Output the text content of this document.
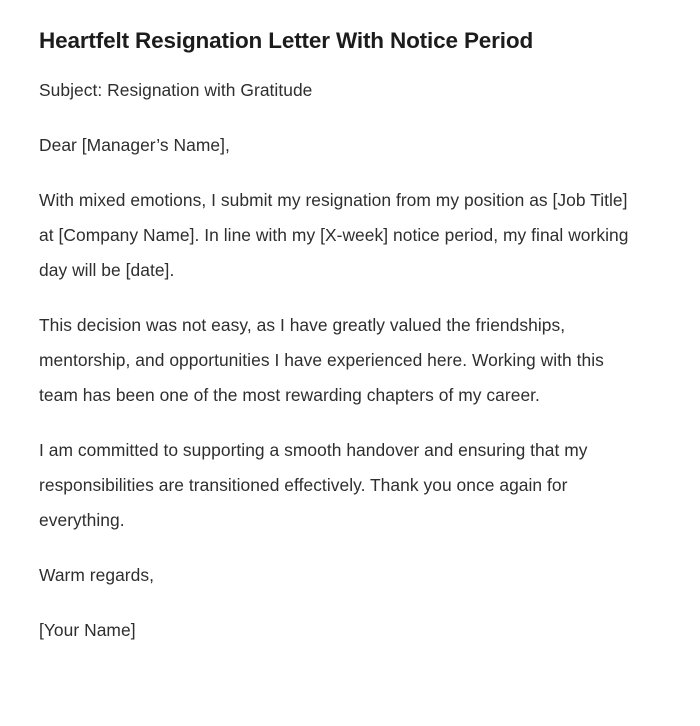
Heartfelt Resignation Letter With Notice Period

Subject: Resignation with Gratitude

Dear [Manager’s Name],

With mixed emotions, I submit my resignation from my position as [Job Title] at [Company Name]. In line with my [X-week] notice period, my final working day will be [date].

This decision was not easy, as I have greatly valued the friendships, mentorship, and opportunities I have experienced here. Working with this team has been one of the most rewarding chapters of my career.

I am committed to supporting a smooth handover and ensuring that my responsibilities are transitioned effectively. Thank you once again for everything.

Warm regards,

[Your Name]
